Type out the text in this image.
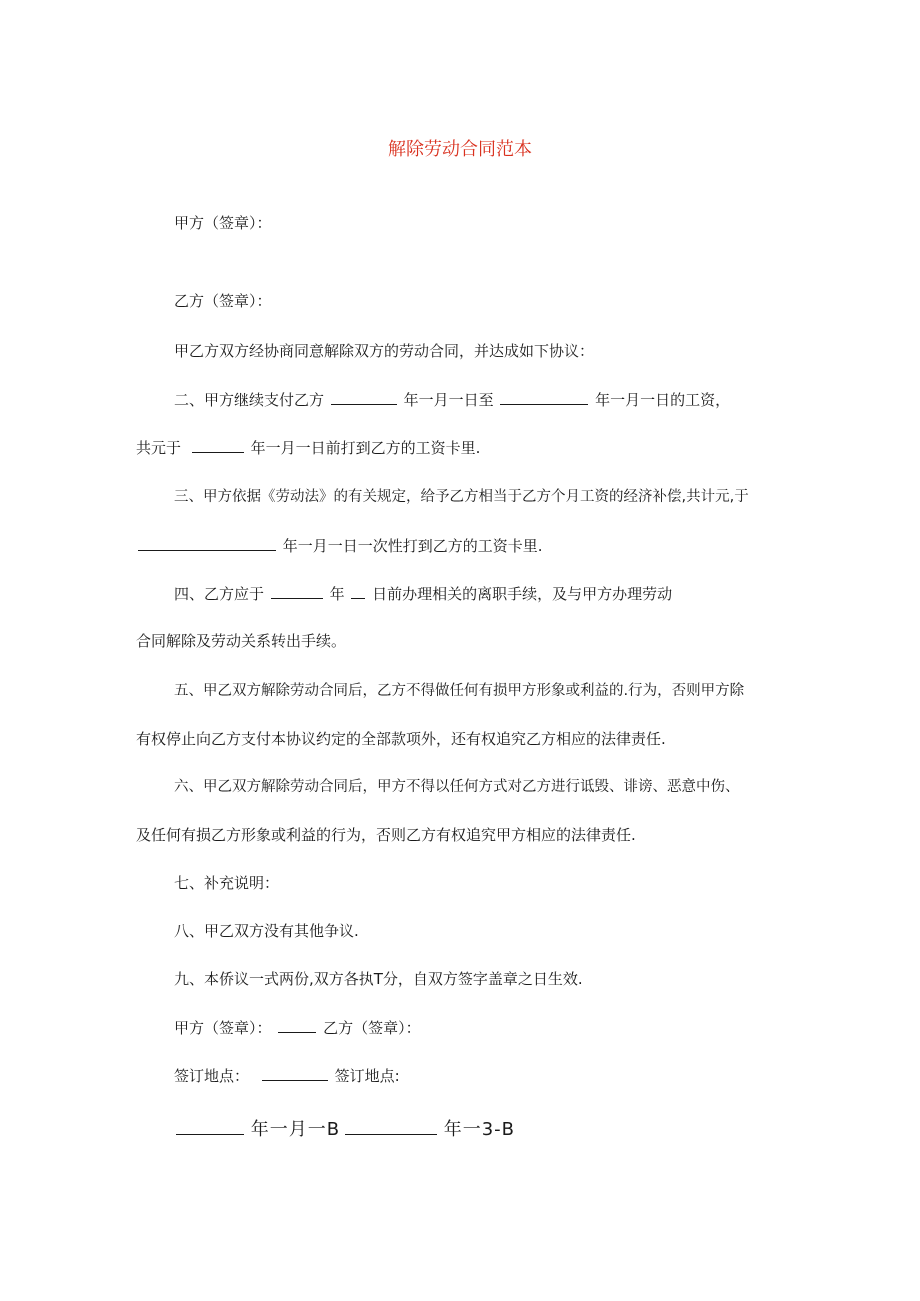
解除劳动合同范本
甲方（签章）：
乙方（签章）：
甲乙方双方经协商同意解除双方的劳动合同，并达成如下协议：
二、甲方继续支付乙方	年一月一日至	年一月一日的工资，
共元于	年一月一日前打到乙方的工资卡里.
三、甲方依据《劳动法》的有关规定，给予乙方相当于乙方个月工资的经济补偿,共计元,于
年一月一日一次性打到乙方的工资卡里.
四、乙方应于	年 日前办理相关的离职手续，及与甲方办理劳动
合同解除及劳动关系转出手续。
五、甲乙双方解除劳动合同后，乙方不得做任何有损甲方形象或利益的.行为，否则甲方除
有权停止向乙方支付本协议约定的全部款项外，还有权追究乙方相应的法律责任.
六、甲乙双方解除劳动合同后，甲方不得以任何方式对乙方进行诋毁、诽谤、恶意中伤、
及任何有损乙方形象或利益的行为，否则乙方有权追究甲方相应的法律责任.
七、补充说明：
八、甲乙双方没有其他争议.
九、本侨议一式两份,双方各执T分，自双方签字盖章之日生效.
甲方（签章）：	乙方（签章）：
签订地点：	签订地点:
年一月一B	年一3-B
